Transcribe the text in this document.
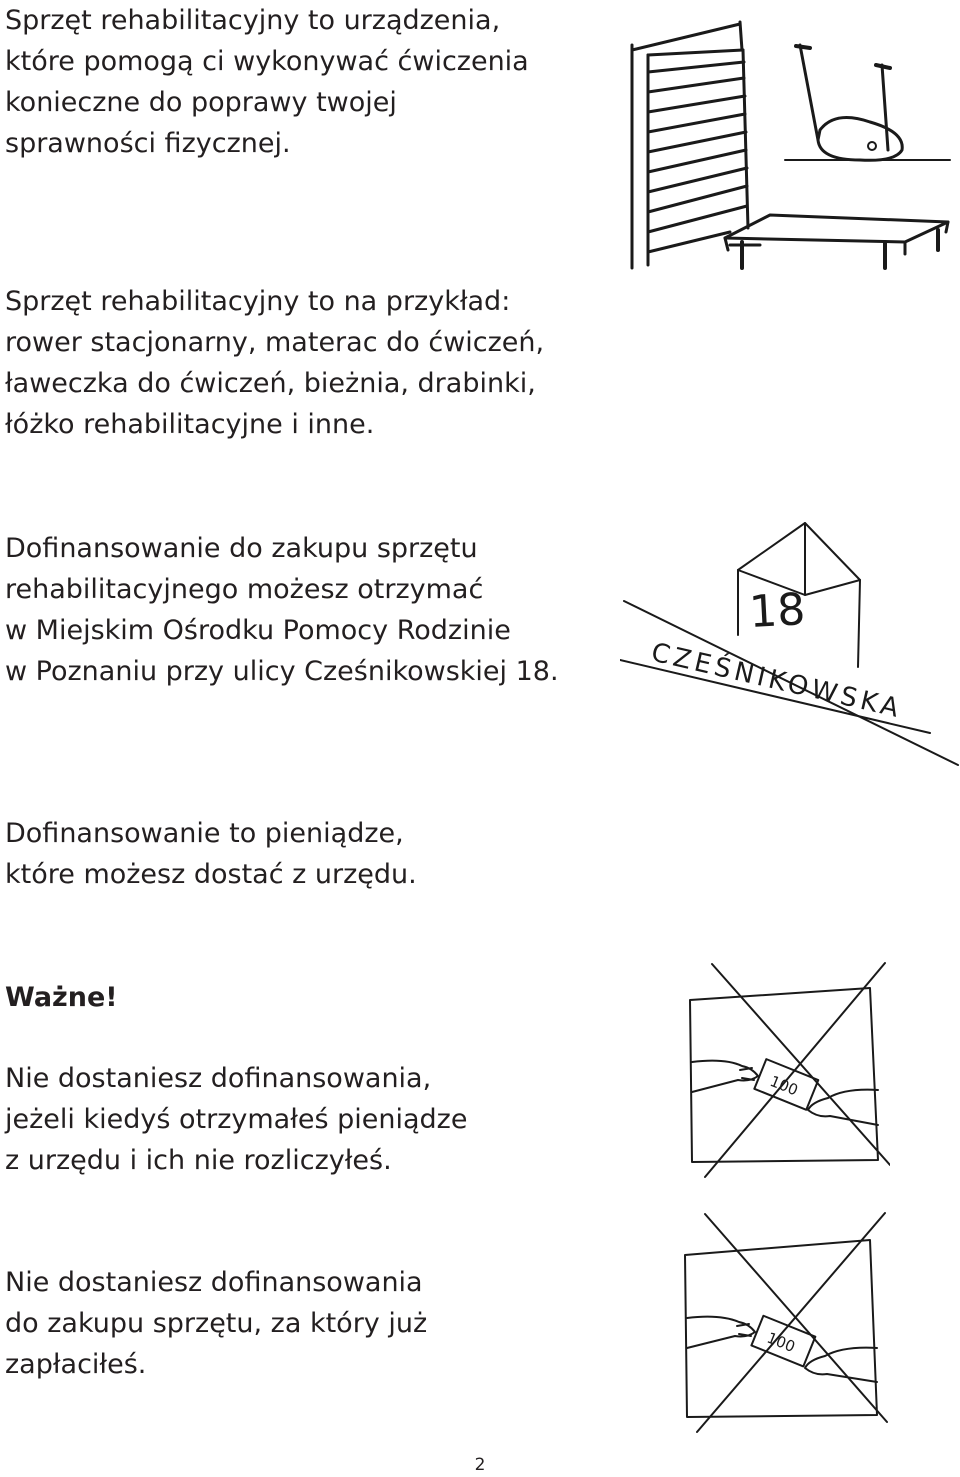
Sprzęt rehabilitacyjny to urządzenia,
które pomogą ci wykonywać ćwiczenia
konieczne do poprawy twojej
sprawności fizycznej.

Sprzęt rehabilitacyjny to na przykład:
rower stacjonarny, materac do ćwiczeń,
ławeczka do ćwiczeń, bieżnia, drabinki,
łóżko rehabilitacyjne i inne.

Dofinansowanie do zakupu sprzętu
rehabilitacyjnego możesz otrzymać
w Miejskim Ośrodku Pomocy Rodzinie
w Poznaniu przy ulicy Cześnikowskiej 18.

Dofinansowanie to pieniądze,
które możesz dostać z urzędu.

Ważne!

Nie dostaniesz dofinansowania,
jeżeli kiedyś otrzymałeś pieniądze
z urzędu i ich nie rozliczyłeś.

Nie dostaniesz dofinansowania
do zakupu sprzętu, za który już
zapłaciłeś.

18
CZEŚNIKOWSKA
100
100
2
